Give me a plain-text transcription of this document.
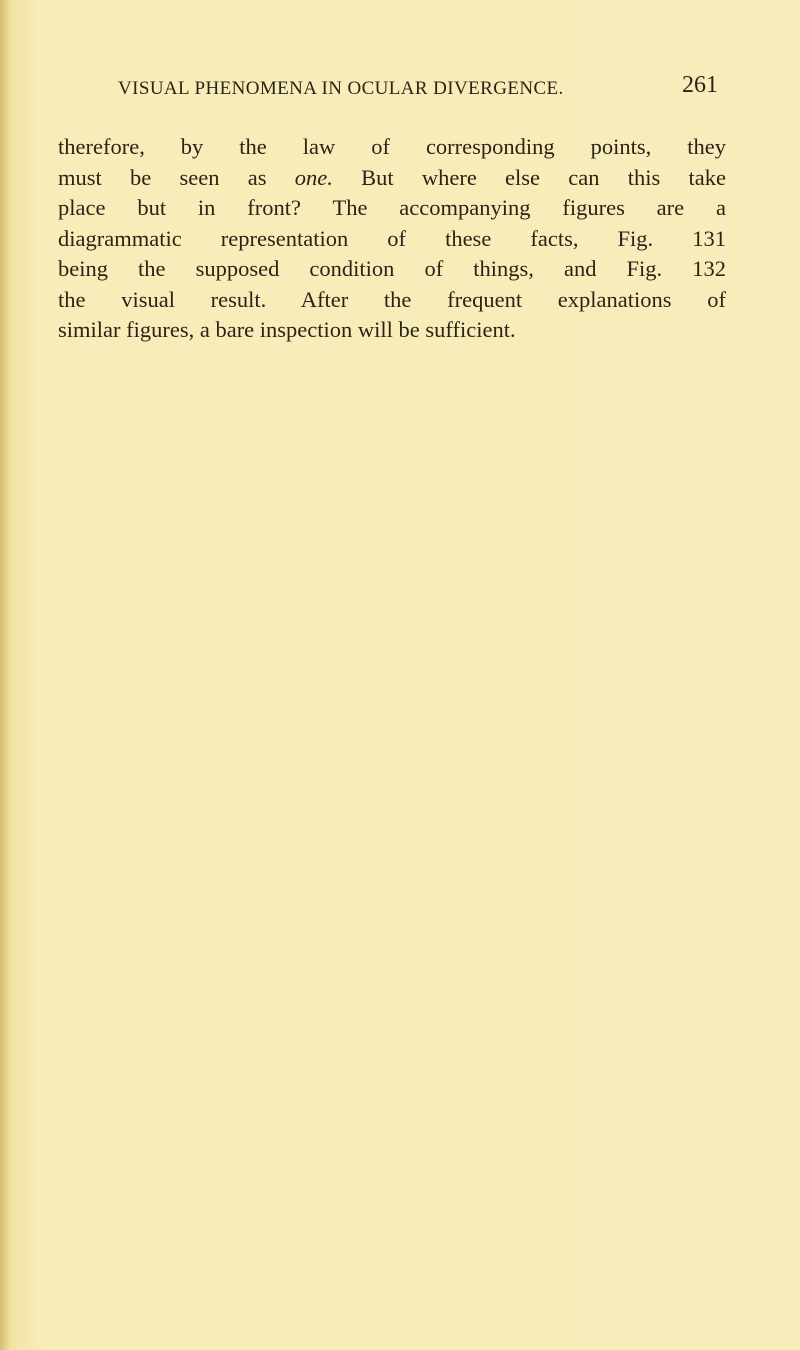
VISUAL PHENOMENA IN OCULAR DIVERGENCE.	261

therefore, by the law of corresponding points, they
must be seen as one. But where else can this take
place but in front? The accompanying figures are a
diagrammatic representation of these facts, Fig. 131
being the supposed condition of things, and Fig. 132
the visual result. After the frequent explanations of
similar figures, a bare inspection will be sufficient.
